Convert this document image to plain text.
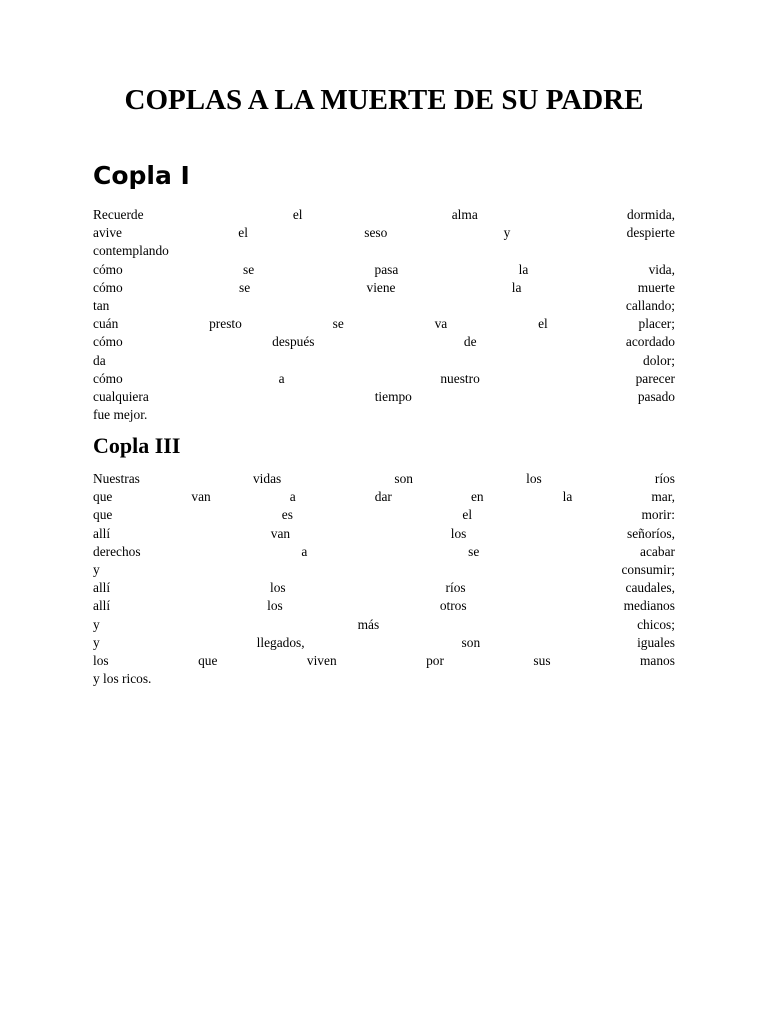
COPLAS A LA MUERTE DE SU PADRE
Copla I
Recuerde	el	alma	dormida,
avive	el	seso	y	despierte
contemplando
cómo	se	pasa	la	vida,
cómo	se	viene	la	muerte
tan	callando;
cuán	presto	se	va	el	placer;
cómo	después	de	acordado
da	dolor;
cómo	a	nuestro	parecer
cualquiera	tiempo	pasado
fue mejor.
Copla III
Nuestras	vidas	son	los	ríos
que	van	a	dar	en	la	mar,
que	es	el	morir:
allí	van	los	señoríos,
derechos	a	se	acabar
y	consumir;
allí	los	ríos	caudales,
allí	los	otros	medianos
y	más	chicos;
y	llegados,	son	iguales
los	que	viven	por	sus	manos
y los ricos.
